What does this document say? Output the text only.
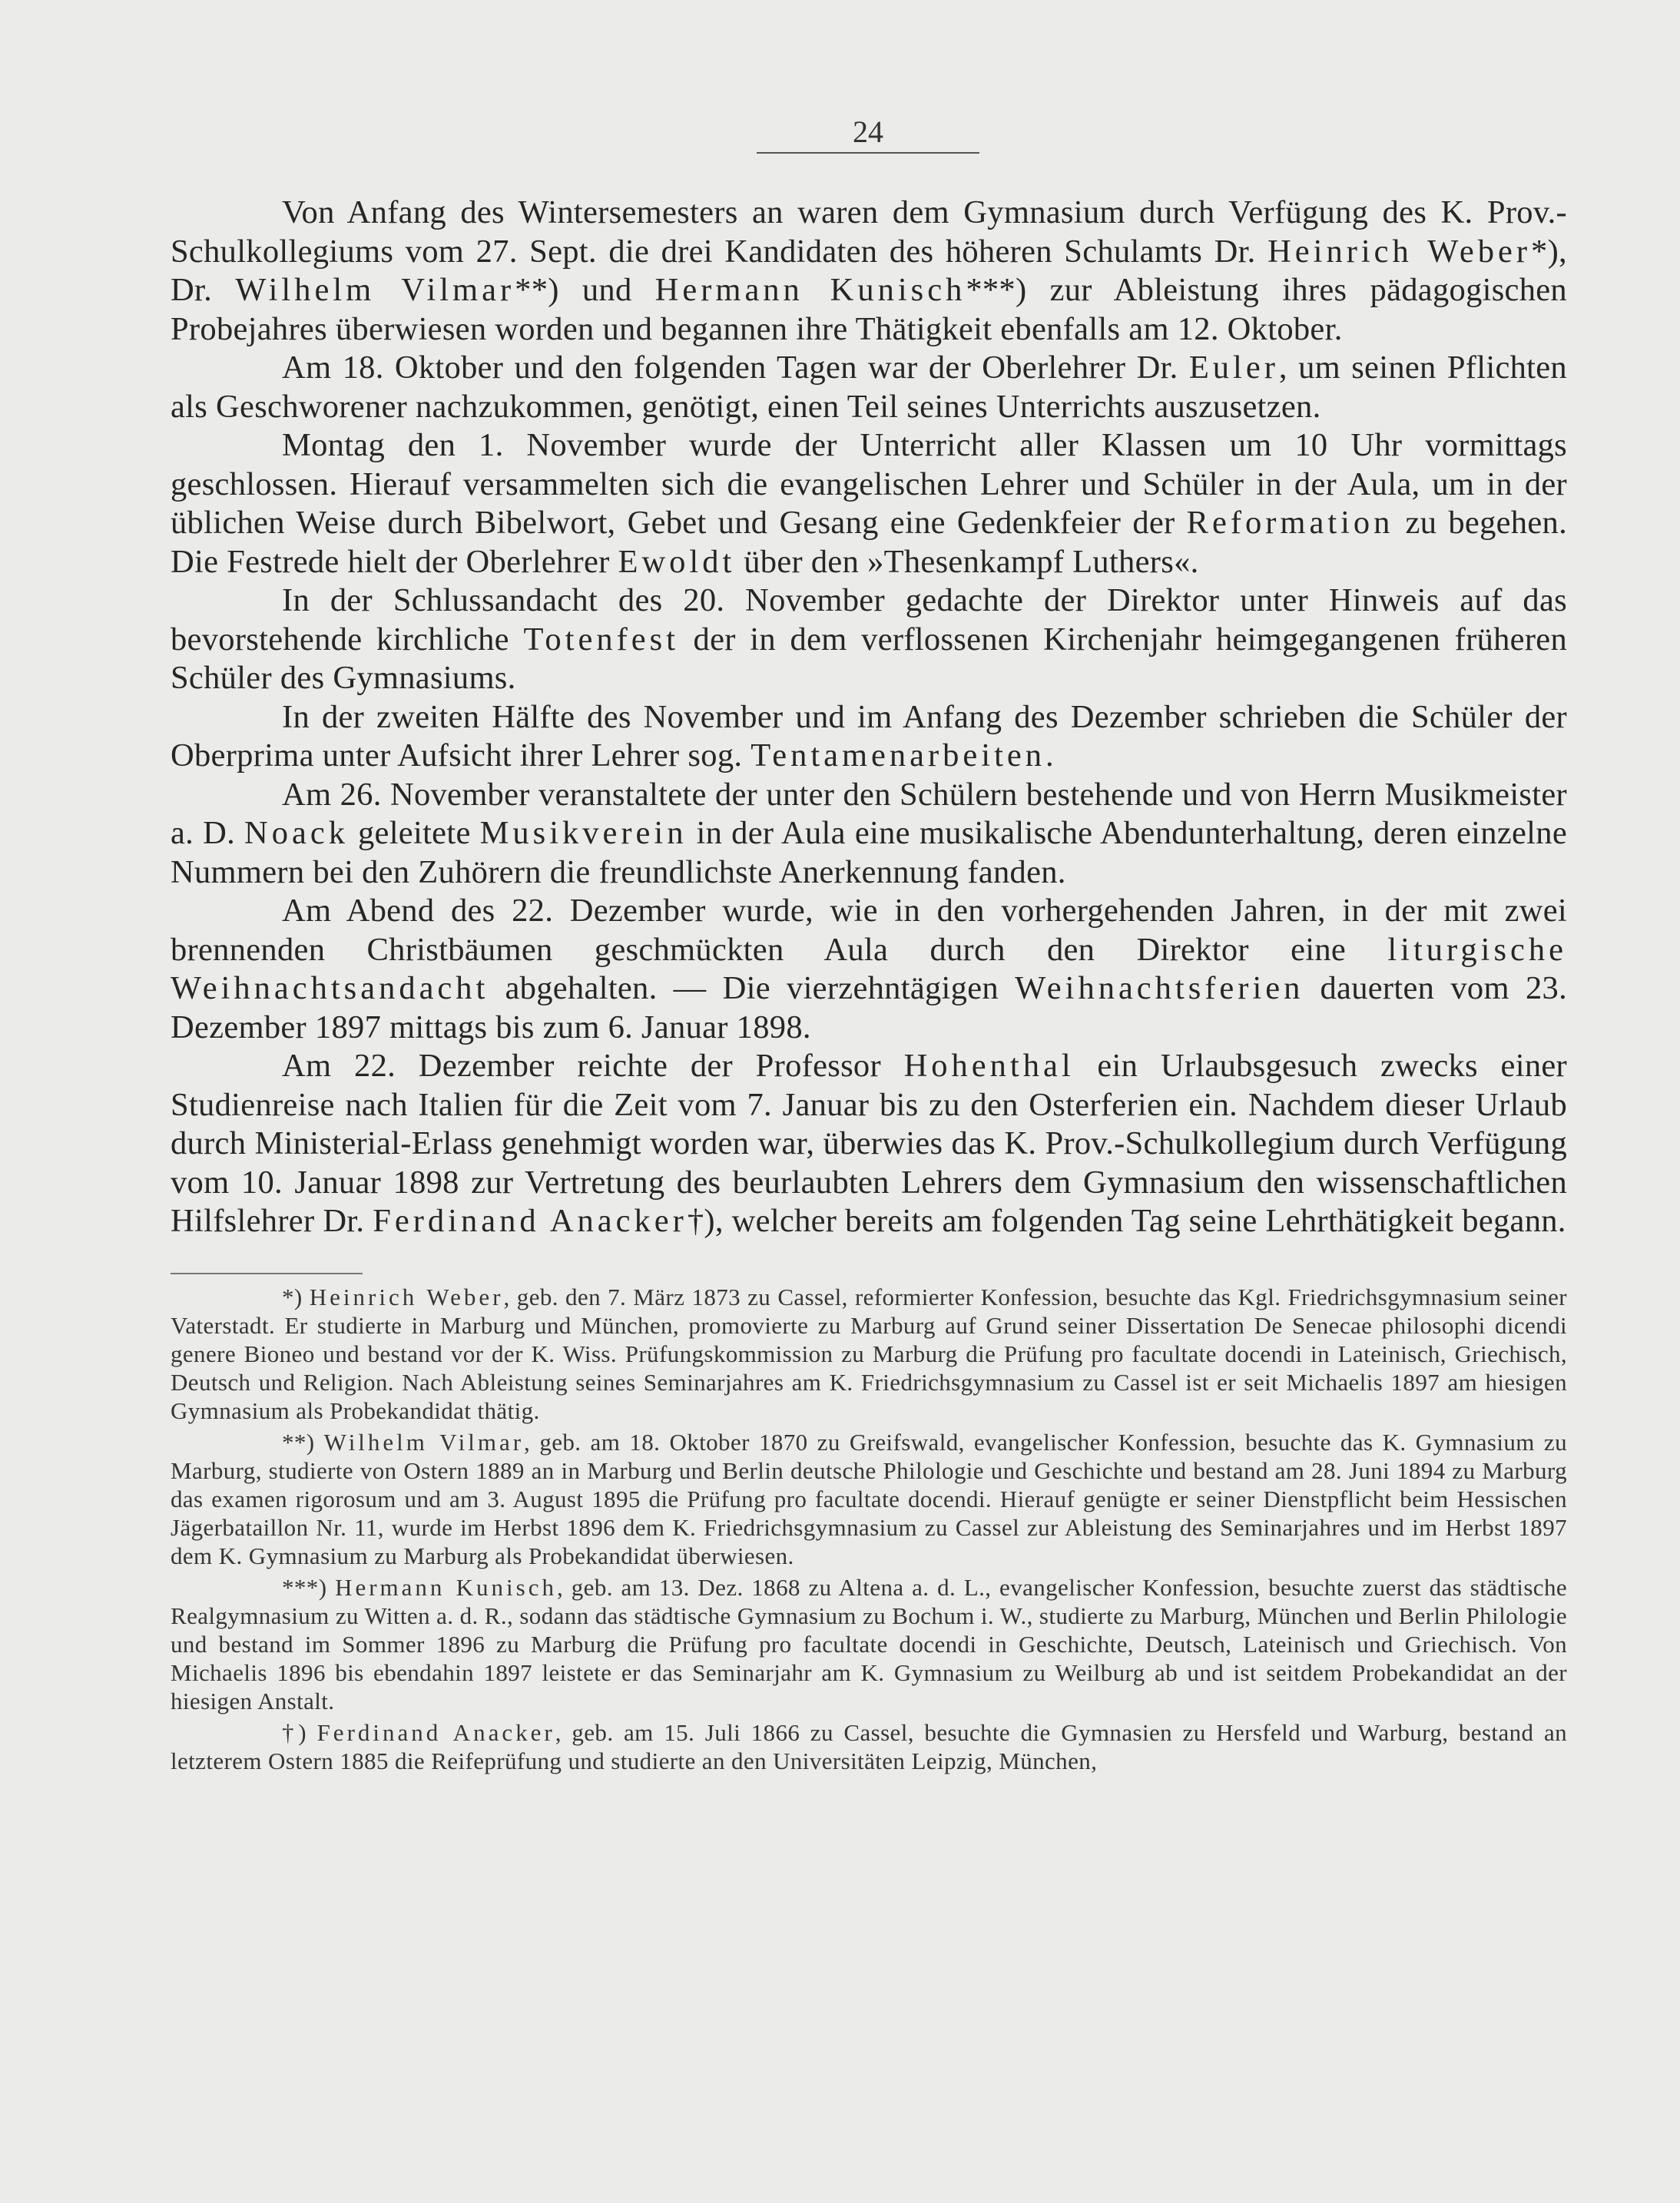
24

Von Anfang des Wintersemesters an waren dem Gymnasium durch Verfügung des K. Prov.-Schulkollegiums vom 27. Sept. die drei Kandidaten des höheren Schulamts Dr. Heinrich Weber*), Dr. Wilhelm Vilmar**) und Hermann Kunisch***) zur Ableistung ihres pädagogischen Probejahres überwiesen worden und begannen ihre Thätigkeit ebenfalls am 12. Oktober.

Am 18. Oktober und den folgenden Tagen war der Oberlehrer Dr. Euler, um seinen Pflichten als Geschworener nachzukommen, genötigt, einen Teil seines Unterrichts auszusetzen.

Montag den 1. November wurde der Unterricht aller Klassen um 10 Uhr vormittags geschlossen. Hierauf versammelten sich die evangelischen Lehrer und Schüler in der Aula, um in der üblichen Weise durch Bibelwort, Gebet und Gesang eine Gedenkfeier der Reformation zu begehen. Die Festrede hielt der Oberlehrer Ewoldt über den »Thesenkampf Luthers«.

In der Schlussandacht des 20. November gedachte der Direktor unter Hinweis auf das bevorstehende kirchliche Totenfest der in dem verflossenen Kirchenjahr heimgegangenen früheren Schüler des Gymnasiums.

In der zweiten Hälfte des November und im Anfang des Dezember schrieben die Schüler der Oberprima unter Aufsicht ihrer Lehrer sog. Tentamenarbeiten.

Am 26. November veranstaltete der unter den Schülern bestehende und von Herrn Musikmeister a. D. Noack geleitete Musikverein in der Aula eine musikalische Abendunterhaltung, deren einzelne Nummern bei den Zuhörern die freundlichste Anerkennung fanden.

Am Abend des 22. Dezember wurde, wie in den vorhergehenden Jahren, in der mit zwei brennenden Christbäumen geschmückten Aula durch den Direktor eine liturgische Weihnachtsandacht abgehalten. — Die vierzehntägigen Weihnachtsferien dauerten vom 23. Dezember 1897 mittags bis zum 6. Januar 1898.

Am 22. Dezember reichte der Professor Hohenthal ein Urlaubsgesuch zwecks einer Studienreise nach Italien für die Zeit vom 7. Januar bis zu den Osterferien ein. Nachdem dieser Urlaub durch Ministerial-Erlass genehmigt worden war, überwies das K. Prov.-Schulkollegium durch Verfügung vom 10. Januar 1898 zur Vertretung des beurlaubten Lehrers dem Gymnasium den wissenschaftlichen Hilfslehrer Dr. Ferdinand Anacker†), welcher bereits am folgenden Tag seine Lehrthätigkeit begann.

*) Heinrich Weber, geb. den 7. März 1873 zu Cassel, reformierter Konfession, besuchte das Kgl. Friedrichsgymnasium seiner Vaterstadt. Er studierte in Marburg und München, promovierte zu Marburg auf Grund seiner Dissertation De Senecae philosophi dicendi genere Bioneo und bestand vor der K. Wiss. Prüfungskommission zu Marburg die Prüfung pro facultate docendi in Lateinisch, Griechisch, Deutsch und Religion. Nach Ableistung seines Seminarjahres am K. Friedrichsgymnasium zu Cassel ist er seit Michaelis 1897 am hiesigen Gymnasium als Probekandidat thätig.

**) Wilhelm Vilmar, geb. am 18. Oktober 1870 zu Greifswald, evangelischer Konfession, besuchte das K. Gymnasium zu Marburg, studierte von Ostern 1889 an in Marburg und Berlin deutsche Philologie und Geschichte und bestand am 28. Juni 1894 zu Marburg das examen rigorosum und am 3. August 1895 die Prüfung pro facultate docendi. Hierauf genügte er seiner Dienstpflicht beim Hessischen Jägerbataillon Nr. 11, wurde im Herbst 1896 dem K. Friedrichsgymnasium zu Cassel zur Ableistung des Seminarjahres und im Herbst 1897 dem K. Gymnasium zu Marburg als Probekandidat überwiesen.

***) Hermann Kunisch, geb. am 13. Dez. 1868 zu Altena a. d. L., evangelischer Konfession, besuchte zuerst das städtische Realgymnasium zu Witten a. d. R., sodann das städtische Gymnasium zu Bochum i. W., studierte zu Marburg, München und Berlin Philologie und bestand im Sommer 1896 zu Marburg die Prüfung pro facultate docendi in Geschichte, Deutsch, Lateinisch und Griechisch. Von Michaelis 1896 bis ebendahin 1897 leistete er das Seminarjahr am K. Gymnasium zu Weilburg ab und ist seitdem Probekandidat an der hiesigen Anstalt.

†) Ferdinand Anacker, geb. am 15. Juli 1866 zu Cassel, besuchte die Gymnasien zu Hersfeld und Warburg, bestand an letzterem Ostern 1885 die Reifeprüfung und studierte an den Universitäten Leipzig, München,
